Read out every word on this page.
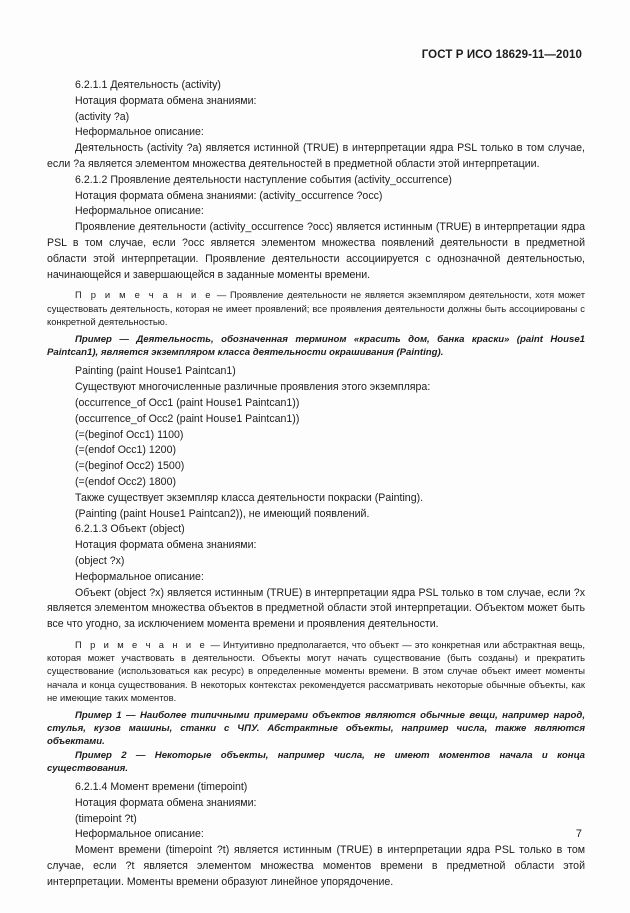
ГОСТ Р ИСО 18629-11—2010

6.2.1.1 Деятельность (activity)

Нотация формата обмена знаниями:

(activity ?a)

Неформальное описание:

Деятельность (activity ?a) является истинной (TRUE) в интерпретации ядра PSL только в том случае, если ?a является элементом множества деятельностей в предметной области этой интерпретации.

6.2.1.2 Проявление деятельности наступление события (activity_occurrence)

Нотация формата обмена знаниями: (activity_occurrence ?occ)

Неформальное описание:

Проявление деятельности (activity_occurrence ?occ) является истинным (TRUE) в интерпретации ядра PSL в том случае, если ?occ является элементом множества появлений деятельности в предметной области этой интерпретации. Проявление деятельности ассоциируется с однозначной деятельностью, начинающейся и завершающейся в заданные моменты времени.

П р и м е ч а н и е — Проявление деятельности не является экземпляром деятельности, хотя может существовать деятельность, которая не имеет проявлений; все проявления деятельности должны быть ассоциированы с конкретной деятельностью.

Пример — Деятельность, обозначенная термином «красить дом, банка краски» (paint House1 Paintcan1), является экземпляром класса деятельности окрашивания (Painting).

Painting (paint House1 Paintcan1)

Существуют многочисленные различные проявления этого экземпляра:

(occurrence_of Occ1 (paint House1 Paintcan1))

(occurrence_of Occ2 (paint House1 Paintcan1))

(=(beginof Occ1) 1100)

(=(endof Occ1) 1200)

(=(beginof Occ2) 1500)

(=(endof Occ2) 1800)

Также существует экземпляр класса деятельности покраски (Painting).

(Painting (paint House1 Paintcan2)), не имеющий появлений.

6.2.1.3 Объект (object)

Нотация формата обмена знаниями:

(object ?x)

Неформальное описание:

Объект (object ?x) является истинным (TRUE) в интерпретации ядра PSL только в том случае, если ?x является элементом множества объектов в предметной области этой интерпретации. Объектом может быть все что угодно, за исключением момента времени и проявления деятельности.

П р и м е ч а н и е — Интуитивно предполагается, что объект — это конкретная или абстрактная вещь, которая может участвовать в деятельности. Объекты могут начать существование (быть созданы) и прекратить существование (использоваться как ресурс) в определенные моменты времени. В этом случае объект имеет моменты начала и конца существования. В некоторых контекстах рекомендуется рассматривать некоторые обычные объекты, как не имеющие таких моментов.

Пример 1 — Наиболее типичными примерами объектов являются обычные вещи, например народ, стулья, кузов машины, станки с ЧПУ. Абстрактные объекты, например числа, также являются объектами.

Пример 2 — Некоторые объекты, например числа, не имеют моментов начала и конца существования.

6.2.1.4 Момент времени (timepoint)

Нотация формата обмена знаниями:

(timepoint ?t)

Неформальное описание:

Момент времени (timepoint ?t) является истинным (TRUE) в интерпретации ядра PSL только в том случае, если ?t является элементом множества моментов времени в предметной области этой интерпретации. Моменты времени образуют линейное упорядочение.

7
